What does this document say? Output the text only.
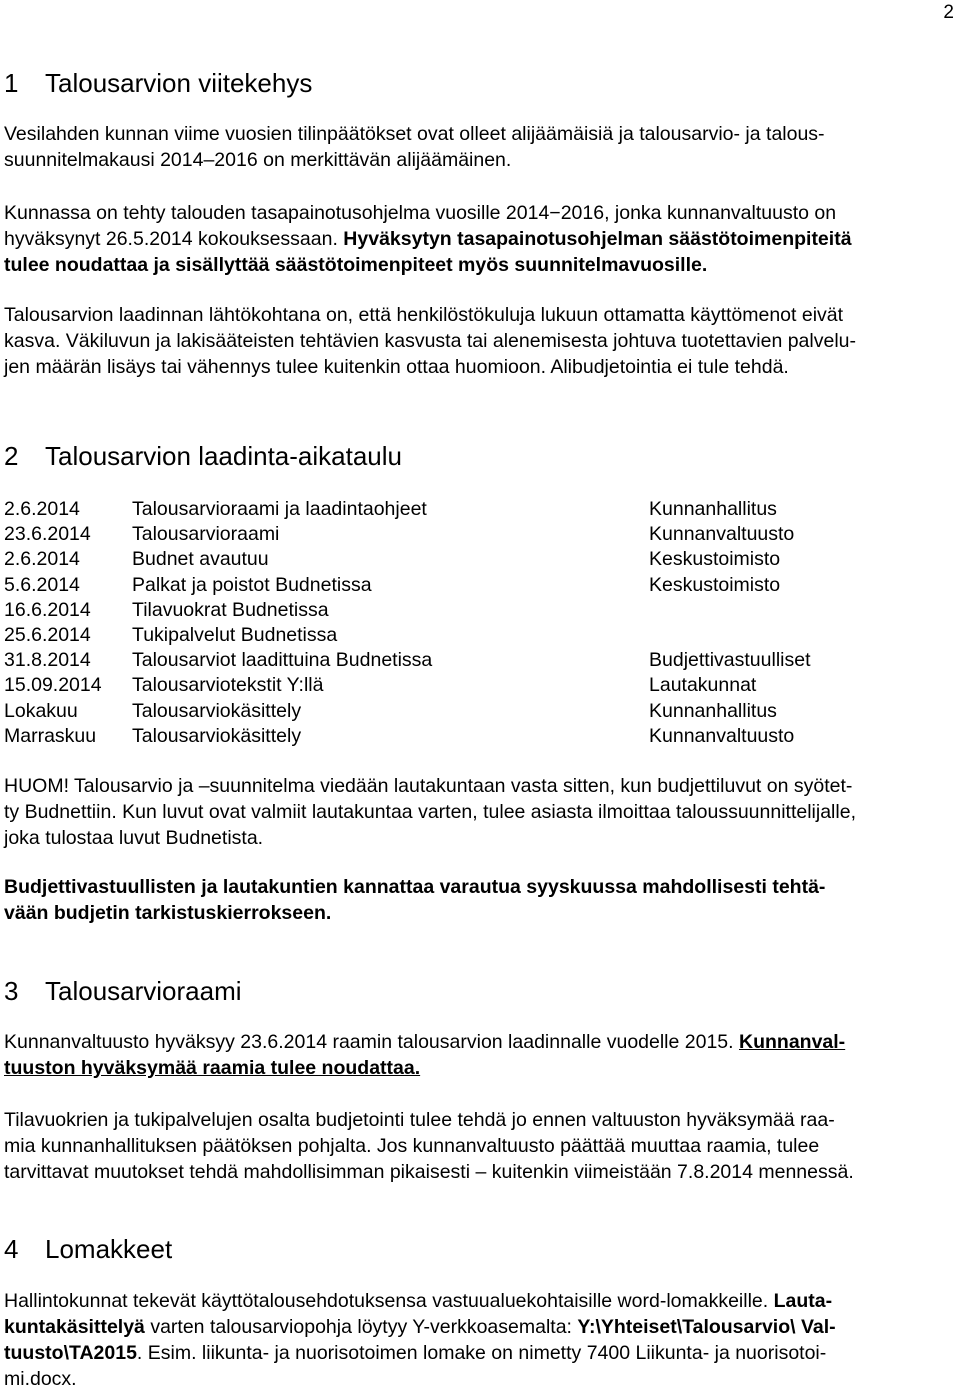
2
1 Talousarvion viitekehys

Vesilahden kunnan viime vuosien tilinpäätökset ovat olleet alijäämäisiä ja talousarvio- ja talous-
suunnitelmakausi 2014–2016 on merkittävän alijäämäinen.

Kunnassa on tehty talouden tasapainotusohjelma vuosille 2014−2016, jonka kunnanvaltuusto on
hyväksynyt 26.5.2014 kokouksessaan. Hyväksytyn tasapainotusohjelman säästötoimenpiteitä
tulee noudattaa ja sisällyttää säästötoimenpiteet myös suunnitelmavuosille.

Talousarvion laadinnan lähtökohtana on, että henkilöstökuluja lukuun ottamatta käyttömenot eivät
kasva. Väkiluvun ja lakisääteisten tehtävien kasvusta tai alenemisesta johtuva tuotettavien palvelu-
jen määrän lisäys tai vähennys tulee kuitenkin ottaa huomioon. Alibudjetointia ei tule tehdä.

2 Talousarvion laadinta-aikataulu
2.6.2014	Talousarvioraami ja laadintaohjeet	Kunnanhallitus
23.6.2014 Talousarvioraami	Kunnanvaltuusto
2.6.2014	Budnet avautuu	Keskustoimisto
5.6.2014	Palkat ja poistot Budnetissa	Keskustoimisto
16.6.2014 Tilavuokrat Budnetissa
25.6.2014 Tukipalvelut Budnetissa
31.8.2014 Talousarviot laadittuina Budnetissa	Budjettivastuulliset
15.09.2014 Talousarviotekstit Y:llä	Lautakunnat
Lokakuu	Talousarviokäsittely	Kunnanhallitus
Marraskuu Talousarviokäsittely	Kunnanvaltuusto

HUOM! Talousarvio ja –suunnitelma viedään lautakuntaan vasta sitten, kun budjettiluvut on syötet-
ty Budnettiin. Kun luvut ovat valmiit lautakuntaa varten, tulee asiasta ilmoittaa taloussuunnittelijalle,
joka tulostaa luvut Budnetista.

Budjettivastuullisten ja lautakuntien kannattaa varautua syyskuussa mahdollisesti tehtä-
vään budjetin tarkistuskierrokseen.

3 Talousarvioraami

Kunnanvaltuusto hyväksyy 23.6.2014 raamin talousarvion laadinnalle vuodelle 2015. Kunnanval-
tuuston hyväksymää raamia tulee noudattaa.

Tilavuokrien ja tukipalvelujen osalta budjetointi tulee tehdä jo ennen valtuuston hyväksymää raa-
mia kunnanhallituksen päätöksen pohjalta. Jos kunnanvaltuusto päättää muuttaa raamia, tulee
tarvittavat muutokset tehdä mahdollisimman pikaisesti – kuitenkin viimeistään 7.8.2014 mennessä.

4 Lomakkeet

Hallintokunnat tekevät käyttötalousehdotuksensa vastuualuekohtaisille word-lomakkeille. Lauta-
kuntakäsittelyä varten talousarviopohja löytyy Y-verkkoasemalta: Y:\Yhteiset\Talousarvio\ Val-
tuusto\TA2015. Esim. liikunta- ja nuorisotoimen lomake on nimetty 7400 Liikunta- ja nuorisotoi-
mi.docx.
